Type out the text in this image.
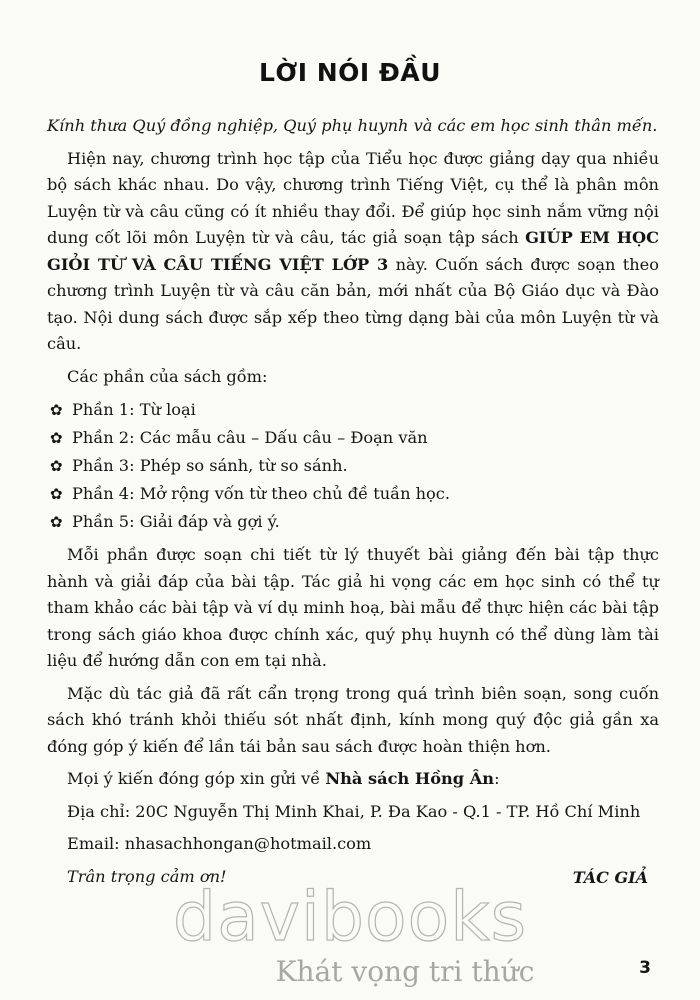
LỜI NÓI ĐẦU

Kính thưa Quý đồng nghiệp, Quý phụ huynh và các em học sinh thân mến.

Hiện nay, chương trình học tập của Tiểu học được giảng dạy qua nhiều bộ sách khác nhau. Do vậy, chương trình Tiếng Việt, cụ thể là phân môn Luyện từ và câu cũng có ít nhiều thay đổi. Để giúp học sinh nắm vững nội dung cốt lõi môn Luyện từ và câu, tác giả soạn tập sách GIÚP EM HỌC GIỎI TỪ VÀ CÂU TIẾNG VIỆT LỚP 3 này. Cuốn sách được soạn theo chương trình Luyện từ và câu căn bản, mới nhất của Bộ Giáo dục và Đào tạo. Nội dung sách được sắp xếp theo từng dạng bài của môn Luyện từ và câu.

Các phần của sách gồm:

✿ Phần 1: Từ loại
✿ Phần 2: Các mẫu câu – Dấu câu – Đoạn văn
✿ Phần 3: Phép so sánh, từ so sánh.
✿ Phần 4: Mở rộng vốn từ theo chủ đề tuần học.
✿ Phần 5: Giải đáp và gợi ý.

Mỗi phần được soạn chi tiết từ lý thuyết bài giảng đến bài tập thực hành và giải đáp của bài tập. Tác giả hi vọng các em học sinh có thể tự tham khảo các bài tập và ví dụ minh hoạ, bài mẫu để thực hiện các bài tập trong sách giáo khoa được chính xác, quý phụ huynh có thể dùng làm tài liệu để hướng dẫn con em tại nhà.

Mặc dù tác giả đã rất cẩn trọng trong quá trình biên soạn, song cuốn sách khó tránh khỏi thiếu sót nhất định, kính mong quý độc giả gần xa đóng góp ý kiến để lần tái bản sau sách được hoàn thiện hơn.

Mọi ý kiến đóng góp xin gửi về Nhà sách Hồng Ân:

Địa chỉ: 20C Nguyễn Thị Minh Khai, P. Đa Kao - Q.1 - TP. Hồ Chí Minh

Email: nhasachhongan@hotmail.com

Trân trọng cảm ơn!	TÁC GIẢ
davibooks
Khát vọng tri thức	3
